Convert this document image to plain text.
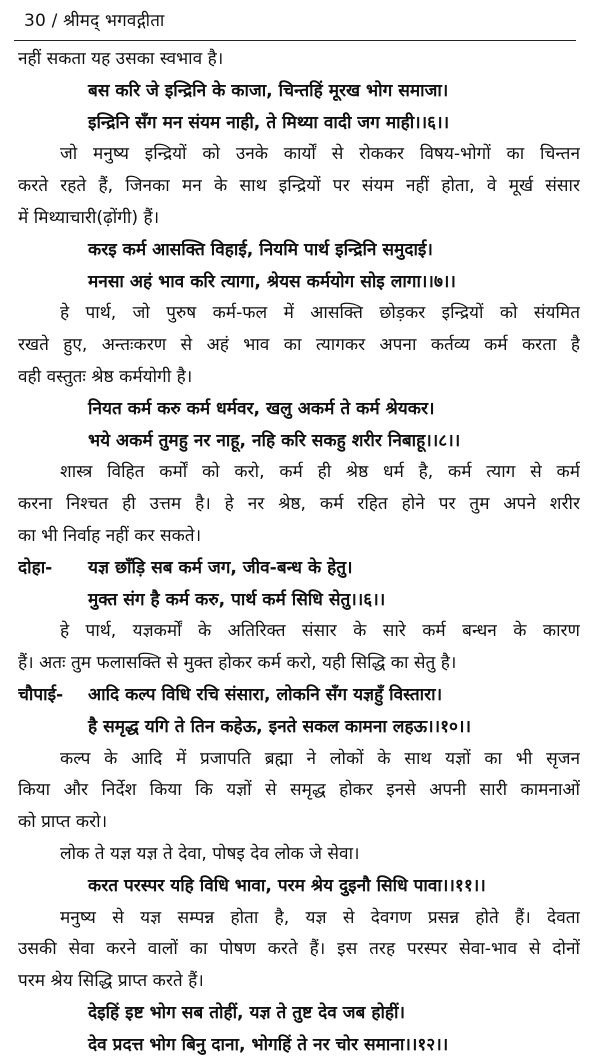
30 / श्रीमद् भगवद्गीता
नहीं सकता यह उसका स्वभाव है।
बस करि जे इन्द्रिनि के काजा, चिन्तहिं मूरख भोग समाजा।
इन्द्रिनि सँग मन संयम नाही, ते मिथ्या वादी जग माही।।६।।
जो मनुष्य इन्द्रियों को उनके कार्यों से रोककर विषय-भोगों का चिन्तन
करते रहते हैं, जिनका मन के साथ इन्द्रियों पर संयम नहीं होता, वे मूर्ख संसार
में मिथ्याचारी(ढ़ोंगी) हैं।
करइ कर्म आसक्ति विहाई, नियमि पार्थ इन्द्रिनि समुदाई।
मनसा अहं भाव करि त्यागा, श्रेयस कर्मयोग सोइ लागा।।७।।
हे पार्थ, जो पुरुष कर्म-फल में आसक्ति छोड़कर इन्द्रियों को संयमित
रखते हुए, अन्तःकरण से अहं भाव का त्यागकर अपना कर्तव्य कर्म करता है
वही वस्तुतः श्रेष्ठ कर्मयोगी है।
नियत कर्म करु कर्म धर्मवर, खलु अकर्म ते कर्म श्रेयकर।
भये अकर्म तुमहु नर नाहू, नहि करि सकहु शरीर निबाहू।।८।।
शास्त्र विहित कर्मों को करो, कर्म ही श्रेष्ठ धर्म है, कर्म त्याग से कर्म
करना निश्चत ही उत्तम है। हे नर श्रेष्ठ, कर्म रहित होने पर तुम अपने शरीर
का भी निर्वाह नहीं कर सकते।
दोहा-	यज्ञ छाँड़ि सब कर्म जग, जीव-बन्ध के हेतु।
मुक्त संग है कर्म करु, पार्थ कर्म सिधि सेतु।।६।।
हे पार्थ, यज्ञकर्मों के अतिरिक्त संसार के सारे कर्म बन्धन के कारण
हैं। अतः तुम फलासक्ति से मुक्त होकर कर्म करो, यही सिद्धि का सेतु है।
चौपाई-	आदि कल्प विधि रचि संसारा, लोकनि सँग यज्ञहुँ विस्तारा।
है समृद्ध यगि ते तिन कहेऊ, इनते सकल कामना लहऊ।।१०।।
कल्प के आदि में प्रजापति ब्रह्मा ने लोकों के साथ यज्ञों का भी सृजन
किया और निर्देश किया कि यज्ञों से समृद्ध होकर इनसे अपनी सारी कामनाओं
को प्राप्त करो।
लोक ते यज्ञ यज्ञ ते देवा, पोषइ देव लोक जे सेवा।
करत परस्पर यहि विधि भावा, परम श्रेय दुइनौ सिधि पावा।।११।।
मनुष्य से यज्ञ सम्पन्न होता है, यज्ञ से देवगण प्रसन्न होते हैं। देवता
उसकी सेवा करने वालों का पोषण करते हैं। इस तरह परस्पर सेवा-भाव से दोनों
परम श्रेय सिद्धि प्राप्त करते हैं।
देइहिं इष्ट भोग सब तोहीं, यज्ञ ते तुष्ट देव जब होहीं।
देव प्रदत्त भोग बिनु दाना, भोगहिं ते नर चोर समाना।।१२।।
